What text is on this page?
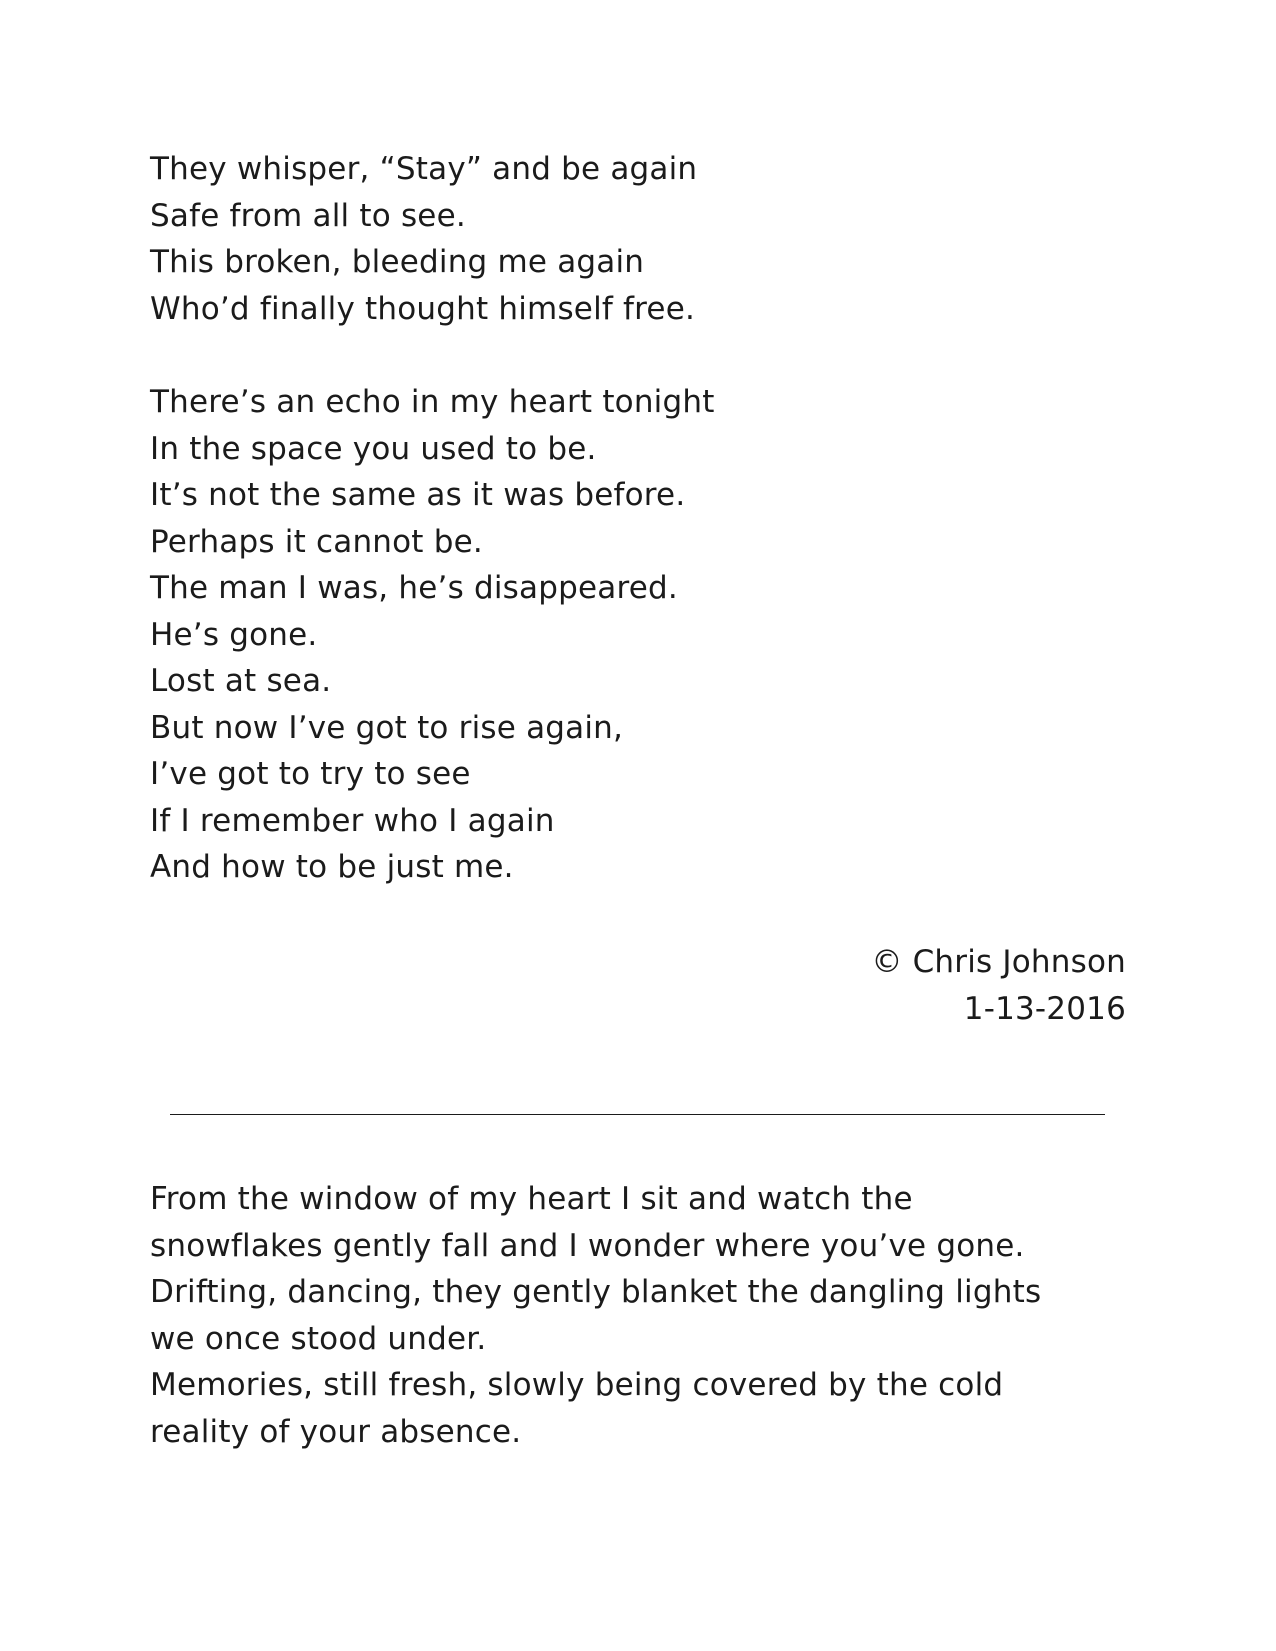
They whisper, “Stay” and be again
Safe from all to see.
This broken, bleeding me again
Who’d finally thought himself free.
There’s an echo in my heart tonight
In the space you used to be.
It’s not the same as it was before.
Perhaps it cannot be.
The man I was, he’s disappeared.
He’s gone.
Lost at sea.
But now I’ve got to rise again,
I’ve got to try to see
If I remember who I again
And how to be just me.
© Chris Johnson
1-13-2016
From the window of my heart I sit and watch the
snowflakes gently fall and I wonder where you’ve gone.
Drifting, dancing, they gently blanket the dangling lights
we once stood under.
Memories, still fresh, slowly being covered by the cold
reality of your absence.
